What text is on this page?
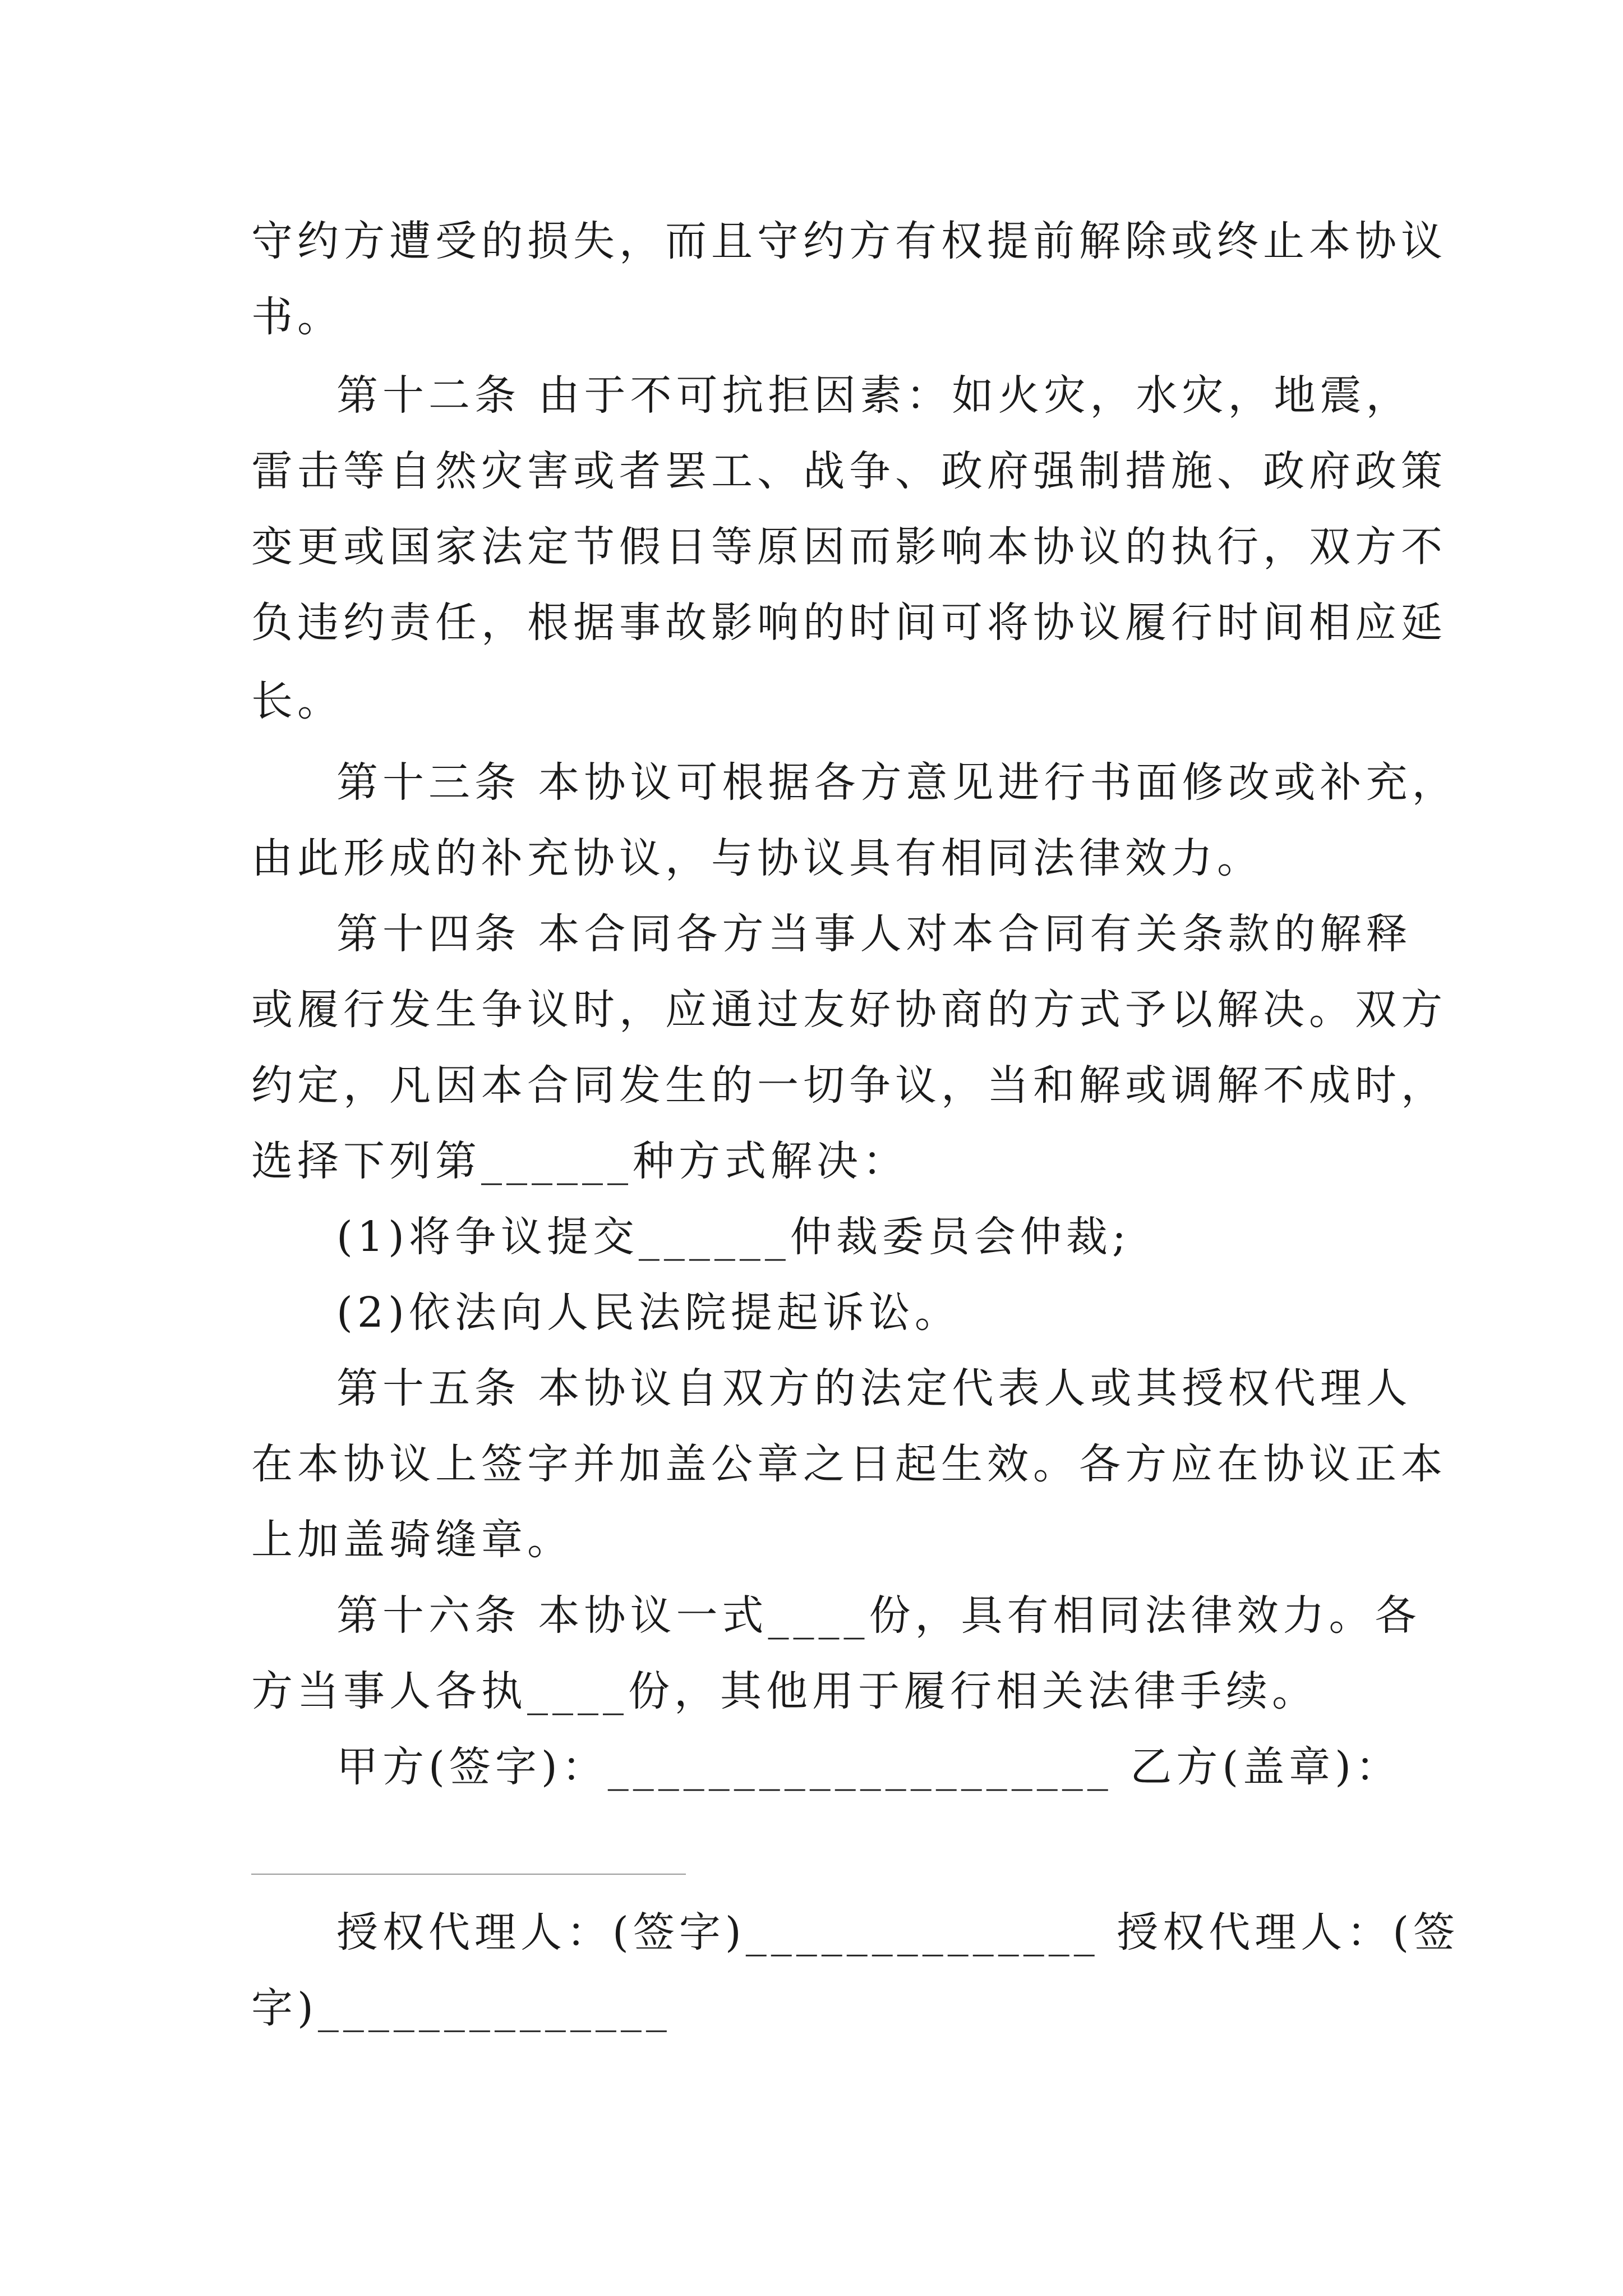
守约方遭受的损失，而且守约方有权提前解除或终止本协议
书。
第十二条 由于不可抗拒因素：如火灾，水灾，地震，
雷击等自然灾害或者罢工、战争、政府强制措施、政府政策
变更或国家法定节假日等原因而影响本协议的执行，双方不
负违约责任，根据事故影响的时间可将协议履行时间相应延
长。
第十三条 本协议可根据各方意见进行书面修改或补充，
由此形成的补充协议，与协议具有相同法律效力。
第十四条 本合同各方当事人对本合同有关条款的解释
或履行发生争议时，应通过友好协商的方式予以解决。双方
约定，凡因本合同发生的一切争议，当和解或调解不成时，
选择下列第______种方式解决：
(1)将争议提交______仲裁委员会仲裁;
(2)依法向人民法院提起诉讼。
第十五条 本协议自双方的法定代表人或其授权代理人
在本协议上签字并加盖公章之日起生效。各方应在协议正本
上加盖骑缝章。
第十六条 本协议一式____份，具有相同法律效力。各
方当事人各执____份，其他用于履行相关法律手续。
甲方(签字)：____________________ 乙方(盖章)：
授权代理人：(签字)______________ 授权代理人：(签
字)______________
